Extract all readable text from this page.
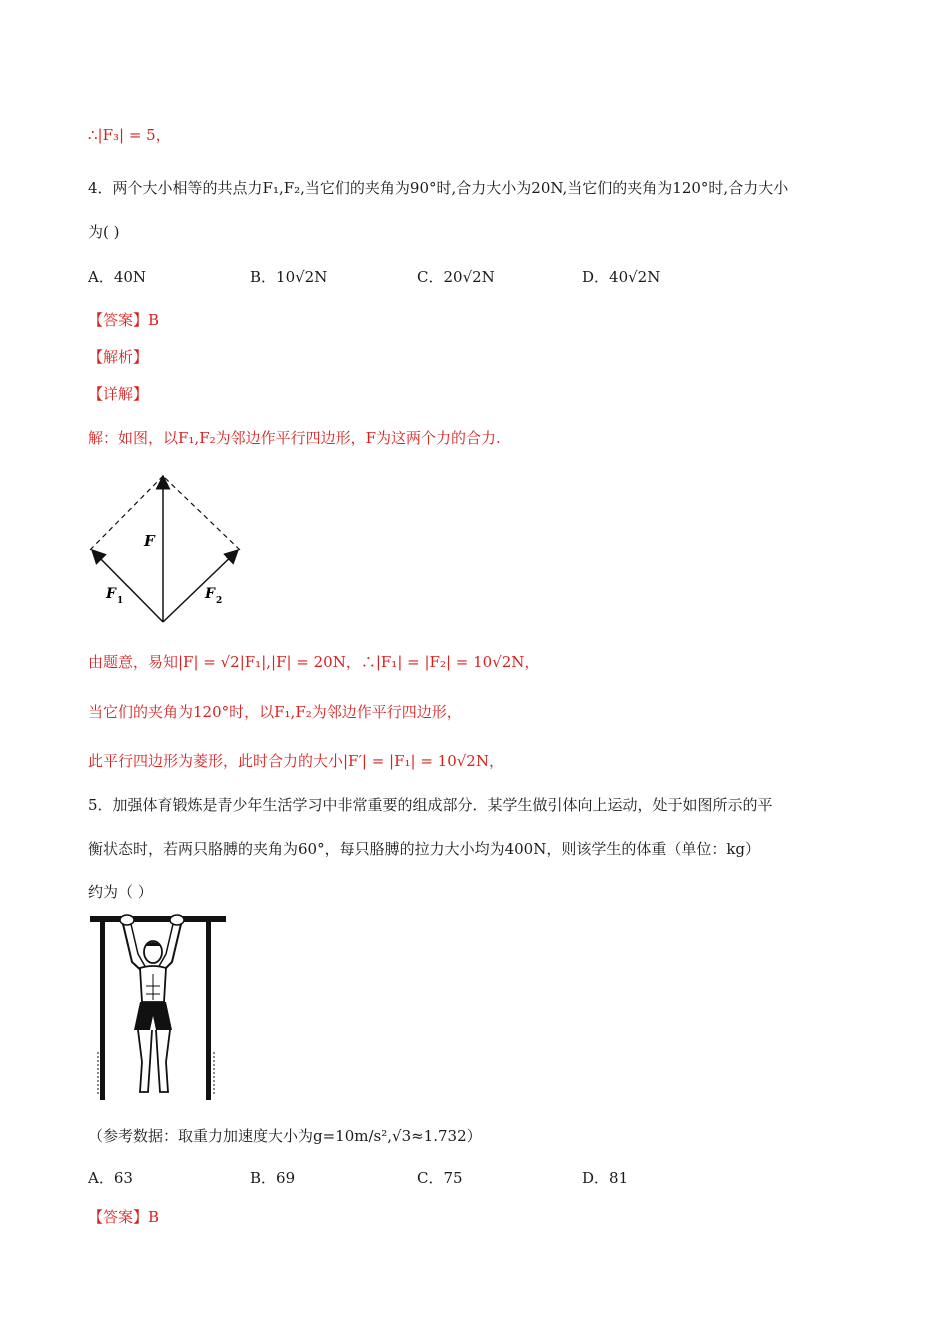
∴|F₃| = 5，
4．两个大小相等的共点力F₁,F₂,当它们的夹角为90°时,合力大小为20N,当它们的夹角为120°时,合力大小
为( )
A．40N	B．10√2N	C．20√2N	D．40√2N
【答案】B
【解析】
【详解】
解：如图，以F₁,F₂为邻边作平行四边形，F为这两个力的合力.
F
F 1	F 2
由题意，易知|F| = √2|F₁|,|F| = 20N，∴|F₁| = |F₂| = 10√2N，
当它们的夹角为120°时，以F₁,F₂为邻边作平行四边形，
此平行四边形为菱形，此时合力的大小|F′| = |F₁| = 10√2N，
5．加强体育锻炼是青少年生活学习中非常重要的组成部分．某学生做引体向上运动，处于如图所示的平
衡状态时，若两只胳膊的夹角为60°，每只胳膊的拉力大小均为400N，则该学生的体重（单位：kg）
约为（ ）
（参考数据：取重力加速度大小为g=10m/s²,√3≈1.732）
A．63	B．69	C．75	D．81
【答案】B
